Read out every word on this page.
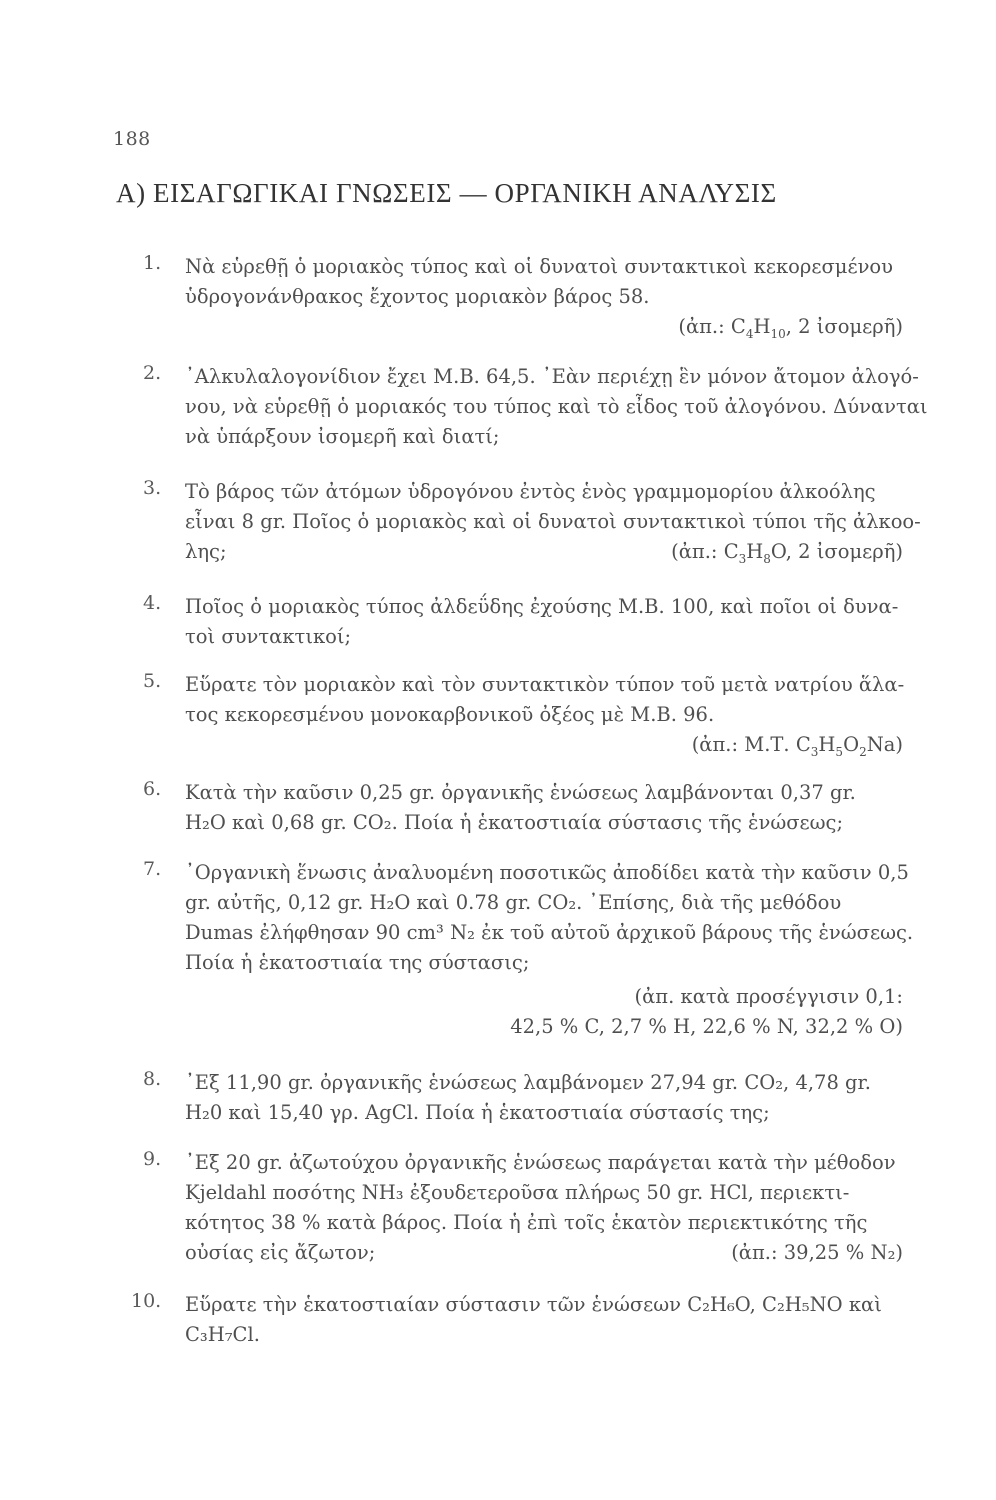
188
Α) ΕΙΣΑΓΩΓΙΚΑΙ ΓΝΩΣΕΙΣ — ΟΡΓΑΝΙΚΗ ΑΝΑΛΥΣΙΣ
1. Νὰ εὑρεθῇ ὁ μοριακὸς τύπος καὶ οἱ δυνατοὶ συντακτικοὶ κεκορεσμένου
ὑδρογονάνθρακος ἔχοντος μοριακὸν βάρος 58.
(ἀπ.: $C_4H_{10}$, 2 ἰσομερῆ)
2. ᾿Αλκυλαλογονίδιον ἔχει Μ.Β. 64,5. ᾿Εὰν περιέχῃ ἓν μόνον ἄτομον ἀλογό-
νου, νὰ εὑρεθῇ ὁ μοριακός του τύπος καὶ τὸ εἶδος τοῦ ἀλογόνου. Δύνανται
νὰ ὑπάρξουν ἰσομερῆ καὶ διατί;
3. Τὸ βάρος τῶν ἀτόμων ὑδρογόνου ἐντὸς ἑνὸς γραμμομορίου ἀλκοόλης
εἶναι 8 gr. Ποῖος ὁ μοριακὸς καὶ οἱ δυνατοὶ συντακτικοὶ τύποι τῆς ἀλκοο-
λης;	(ἀπ.: $C_3H_8O$, 2 ἰσομερῆ)
4. Ποῖος ὁ μοριακὸς τύπος ἀλδεΰδης ἐχούσης Μ.Β. 100, καὶ ποῖοι οἱ δυνα-
τοὶ συντακτικοί;
5. Εὕρατε τὸν μοριακὸν καὶ τὸν συντακτικὸν τύπον τοῦ μετὰ νατρίου ἅλα-
τος κεκορεσμένου μονοκαρβονικοῦ ὀξέος μὲ Μ.Β. 96.
(ἀπ.: Μ.Τ. $C_3H_5O_2Na$)
6. Κατὰ τὴν καῦσιν 0,25 gr. ὀργανικῆς ἑνώσεως λαμβάνονται 0,37 gr.
H₂O καὶ 0,68 gr. CO₂. Ποία ἡ ἑκατοστιαία σύστασις τῆς ἑνώσεως;
7. ᾿Οργανικὴ ἕνωσις ἀναλυομένη ποσοτικῶς ἀποδίδει κατὰ τὴν καῦσιν 0,5
gr. αὐτῆς, 0,12 gr. H₂O καὶ 0.78 gr. CO₂. ᾿Επίσης, διὰ τῆς μεθόδου
Dumas ἐλήφθησαν 90 cm³ N₂ ἐκ τοῦ αὐτοῦ ἀρχικοῦ βάρους τῆς ἑνώσεως.
Ποία ἡ ἑκατοστιαία της σύστασις;
(ἀπ. κατὰ προσέγγισιν 0,1:
42,5 % C, 2,7 % H, 22,6 % N, 32,2 % O)
8. ᾿Εξ 11,90 gr. ὀργανικῆς ἑνώσεως λαμβάνομεν 27,94 gr. CO₂, 4,78 gr.
H₂0 καὶ 15,40 γρ. AgCl. Ποία ἡ ἑκατοστιαία σύστασίς της;
9. ᾿Εξ 20 gr. ἀζωτούχου ὀργανικῆς ἑνώσεως παράγεται κατὰ τὴν μέθοδον
Kjeldahl ποσότης NH₃ ἐξουδετεροῦσα πλήρως 50 gr. HCl, περιεκτι-
κότητος 38 % κατὰ βάρος. Ποία ἡ ἐπὶ τοῖς ἑκατὸν περιεκτικότης τῆς
οὐσίας εἰς ἄζωτον;	(ἀπ.: 39,25 % N₂)
10. Εὕρατε τὴν ἑκατοστιαίαν σύστασιν τῶν ἑνώσεων C₂H₆O, C₂H₅NO καὶ
C₃H₇Cl.
